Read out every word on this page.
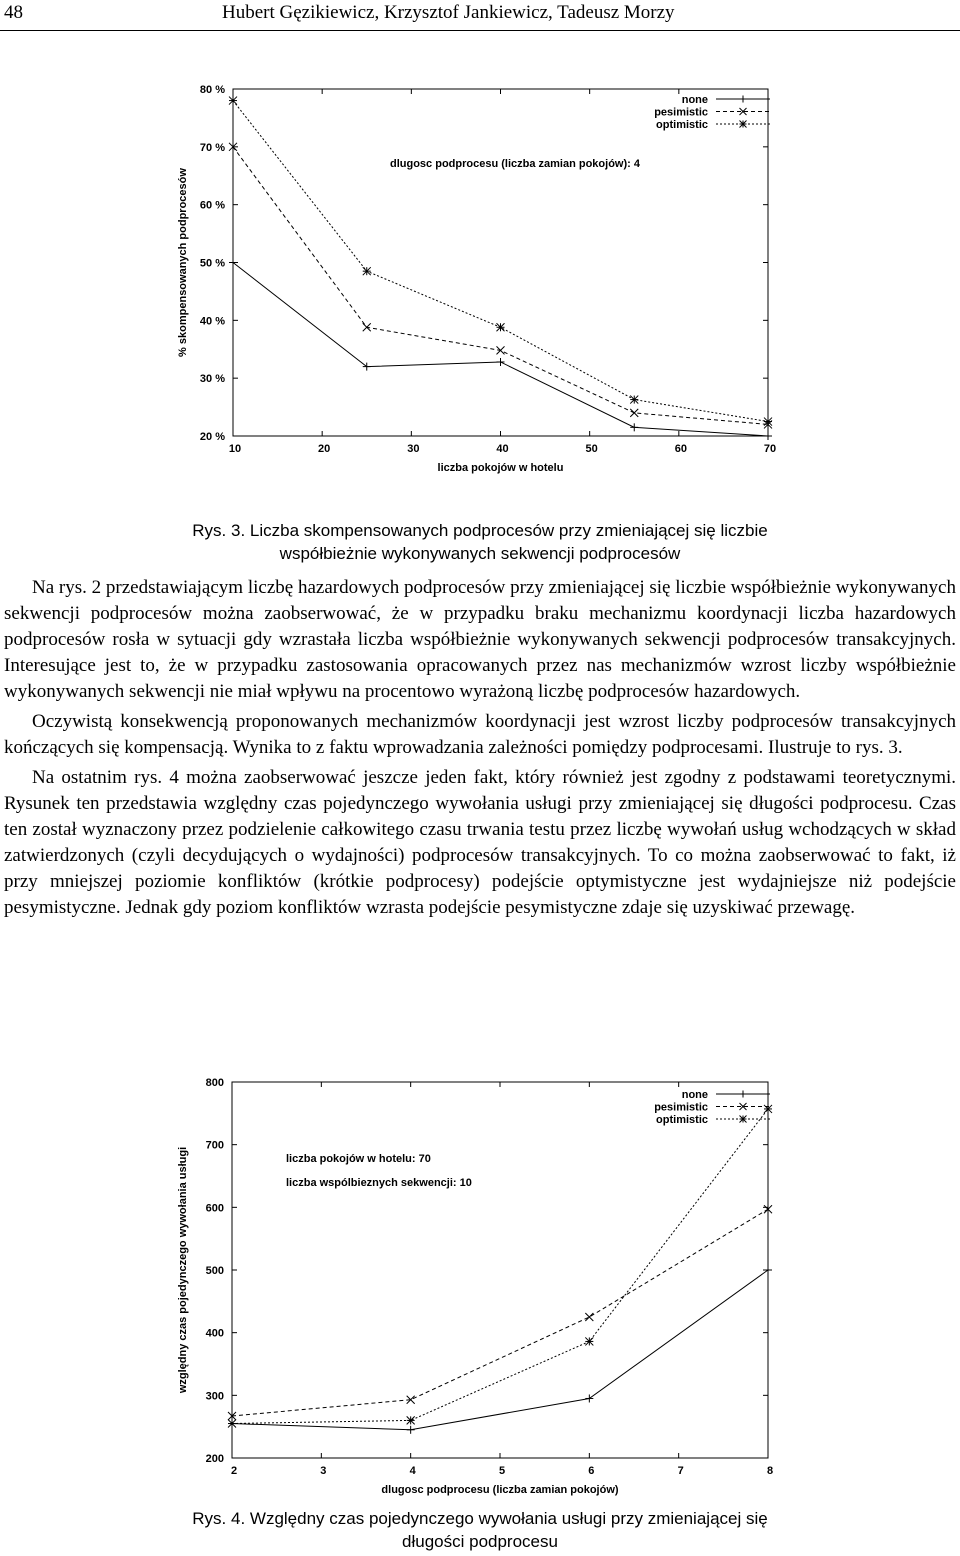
48	Hubert Gęzikiewicz, Krzysztof Jankiewicz, Tadeusz Morzy
20 %
30 %
40 %
50 %
60 %
70 %
80 %
10	20	30	40	50	60	70
liczba pokojów w hotelu
% skompensowanych podprocesów
dlugosc podprocesu (liczba zamian pokojów): 4
none
pesimistic
optimistic
Rys. 3. Liczba skompensowanych podprocesów przy zmieniającej się liczbie
współbieżnie wykonywanych sekwencji podprocesów

Na rys. 2 przedstawiającym liczbę hazardowych podprocesów przy zmieniającej się liczbie współbieżnie wykonywanych sekwencji podprocesów można zaobserwować, że w przypadku braku mechanizmu koordynacji liczba hazardowych podprocesów rosła w sytuacji gdy wzrastała liczba współbieżnie wykonywanych sekwencji podprocesów transakcyjnych. Interesujące jest to, że w przypadku zastosowania opracowanych przez nas mechanizmów wzrost liczby współbieżnie wykonywanych sekwencji nie miał wpływu na procentowo wyrażoną liczbę podprocesów hazardowych.

Oczywistą konsekwencją proponowanych mechanizmów koordynacji jest wzrost liczby podprocesów transakcyjnych kończących się kompensacją. Wynika to z faktu wprowadzania zależności pomiędzy podprocesami. Ilustruje to rys. 3.

Na ostatnim rys. 4 można zaobserwować jeszcze jeden fakt, który również jest zgodny z podstawami teoretycznymi. Rysunek ten przedstawia względny czas pojedynczego wywołania usługi przy zmieniającej się długości podprocesu. Czas ten został wyznaczony przez podzielenie całkowitego czasu trwania testu przez liczbę wywołań usług wchodzących w skład zatwierdzonych (czyli decydujących o wydajności) podprocesów transakcyjnych. To co można zaobserwować to fakt, iż przy mniejszej poziomie konfliktów (krótkie podprocesy) podejście optymistyczne jest wydajniejsze niż podejście pesymistyczne. Jednak gdy poziom konfliktów wzrasta podejście pesymistyczne zdaje się uzyskiwać przewagę.

200
300
400
500
600
700
800
2	3	4	5	6	7	8
dlugosc podprocesu (liczba zamian pokojów)
względny czas pojedynczego wywołania usługi	liczba pokojów w hotelu: 70
liczba wspólbieznych sekwencji: 10
none
pesimistic
optimistic
Rys. 4. Względny czas pojedynczego wywołania usługi przy zmieniającej się
długości podprocesu
